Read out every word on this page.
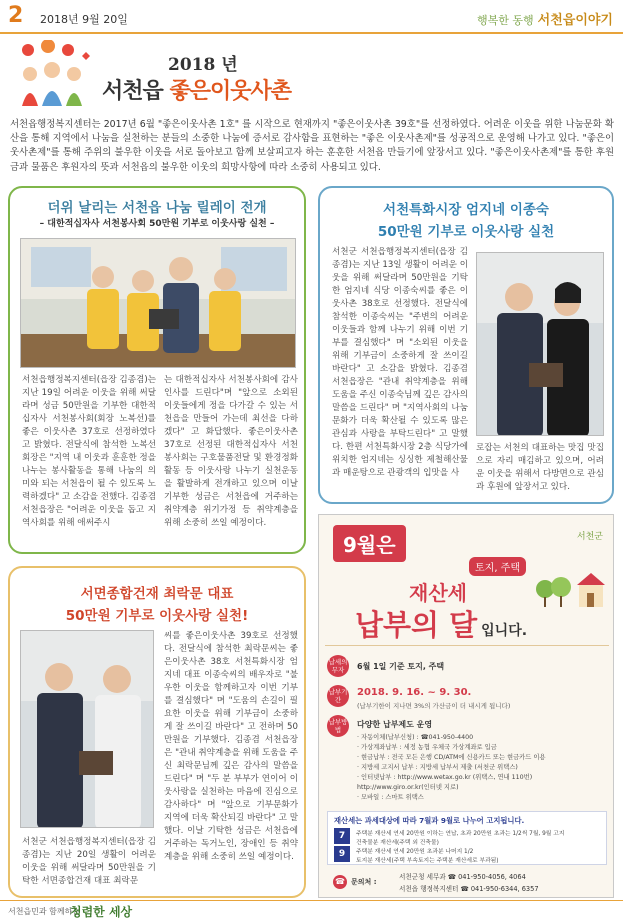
2 2018년 9월 20일	행복한 동행 서천읍이야기
2018 년
서천읍 좋은이웃사촌
서천읍행정복지센터는 2017년 6월 "좋은이웃사촌 1호" 를 시작으로 현재까지 "좋은이웃사촌 39호"를 선정하였다. 어려운 이웃을 위한 나눔문화 확산을 통해 지역에서 나눔을 실천하는 분들의 소중한 나눔에 증서로 감사함을 표현하는 "좋은 이웃사촌제"를 성공적으로 운영해 나가고 있다. "좋은이웃사촌제"를 통해 주위의 불우한 이웃을 서로 돌아보고 함께 보살피고자 하는 훈훈한 서천읍 만들기에 앞장서고 있다. "좋은이웃사촌제"를 통한 후원금과 물품은 후원자의 뜻과 서천읍의 불우한 이웃의 희망사항에 따라 소중히 사용되고 있다.
더위 날리는 서천읍 나눔 릴레이 전개
– 대한적십자사 서천봉사회 50만원 기부로 이웃사랑 실천 –
서천읍행정복지센터(읍장 김종겸)는 지난 19일 어려운 이웃을 위해 써달라며 성금 50만원을 기부한 대한적십자사 서천봉사회(회장 노복선)를 좋은 이웃사촌 37호로 선정하였다고 밝혔다. 전달식에 참석한 노복선 회장은 "지역 내 이웃과 훈훈한 정을 나누는 봉사활동을 통해 나눔의 의미와 되는 서천읍이 될 수 있도록 노력하겠다" 고 소감을 전했다. 김종겸 서천읍장은 "어려운 이웃을 돕고 지역사회를 위해 애써주시
는 대한적십자사 서천봉사회에 감사인사를 드린다"며 "앞으로 소외된 이웃들에게 정을 다가갈 수 있는 서천읍을 만들어 가는데 최선을 다하겠다" 고 화답했다. 좋은이웃사촌 37호로 선정된 대한적십자사 서천봉사회는 구호물품전달 및 환경정화활동 등 이웃사랑 나누기 실천운동을 활발하게 전개하고 있으며 이날 기부한 성금은 서천읍에 거주하는 취약계층 위기가정 등 취약계층을 위해 소중히 쓰일 예정이다.
서천특화시장 엄지네 이종숙
50만원 기부로 이웃사랑 실천
서천군 서천읍행정복지센터(읍장 김종겸)는 지난 13일 생활이 어려운 이웃을 위해 써달라며 50만원을 기탁한 엄지네 식당 이종숙씨를 좋은 이웃사촌 38호로 선정했다. 전달식에 참석한 이종숙씨는 "주변의 어려운 이웃들과 함께 나누기 위해 이번 기부를 결심했다" 며 "소외된 이웃을 위해 기부금이 소중하게 잘 쓰이길 바란다" 고 소감을 밝혔다. 김종겸 서천읍장은 "관내 취약계층을 위해 도움을 주신 이종숙님께 깊은 감사의 말씀을 드린다" 며 "지역사회의 나눔문화가 더욱 확산될 수 있도록 많은 관심과 사랑을 부탁드린다" 고 말했다. 한편 서천특화시장 2층 식당가에 위치한 엄지네는 싱싱한 제철해산물과 매운탕으로 관광객의 입맛을 사
로잡는 서천의 대표하는 맛집 맛집으로 자리 매김하고 있으며, 어려운 이웃을 위해서 다방면으로 관심과 후원에 앞장서고 있다.
서면종합건재 최락문 대표
50만원 기부로 이웃사랑 실천!
서천군 서천읍행정복지센터(읍장 김종겸)는 지난 20일 생활이 어려운 이웃을 위해 써달라며 50만원을 기탁한 서면종합건재 대표 최락문
씨를 좋은이웃사촌 39호로 선정했다. 전달식에 참석한 최락문씨는 좋은이웃사촌 38호 서천특화시장 엄지네 대표 이종숙씨의 배우자로 "불우한 이웃을 함께하고자 이번 기부를 결심했다" 며 "도움의 손길이 필요한 이웃을 위해 기부금이 소중하게 잘 쓰이길 바란다" 고 전하며 50만원을 기부했다. 김종겸 서천읍장은 "관내 취약계층을 위해 도움을 주신 최락문님께 깊은 감사의 말씀을 드린다" 며 "두 분 부부가 연이어 이웃사랑을 실천하는 마음에 진심으로 감사하다" 며 "앞으로 기부문화가 지역에 더욱 확산되길 바란다" 고 말했다. 이날 기탁한 성금은 서천읍에 거주하는 독거노인, 장애인 등 취약계층을 위해 소중히 쓰일 예정이다.
9월은
토지, 주택
서천군
재산세
납부의 달 입니다.
납세의무자	6월 1일 기준 토지, 주택
납부기간
2018. 9. 16. ~ 9. 30.
(납부기한이 지나면 3%의 가산금이 더 내시게 됩니다)
납부방법
다양한 납부제도 운영
· 자동이체(납부신청) : ☎041-950-4400
· 가상계좌납부 : 세정 농협 우체국 가상계좌로 입금
· 현금납부 : 전국 모든 은행 CD/ATM에 신용카드 또는 현금카드 이용
· 지방세 고지서 납부 : 지방세 납부서 제출 (서천군 위택스)
· 인터넷납부 : http://www.wetax.go.kr (위택스, 연내 110번)
http://www.giro.or.kr(인터넷 지로)
· 모바일 : 스마트 위택스
재산세는 과세대상에 따라 7월과 9월로 나누어 고지됩니다.
주택분 재산세 연세 20만원 이하는 연납, 초과 20만원 초과는 1/2씩 7월, 9월 고지
건축물분 재산세(주택 외 건축물)
주택분 재산세 연세 20만원 초과분 나머지 1/2
토지분 재산세(주택 부속토지는 주택분 재산세로 부과됨)
7
9
☎ 문의처 :
서천군청 세무과 ☎ 041-950-4056, 4064
서천읍 행정복지센터 ☎ 041-950-6344, 6357
서천읍민과 함께하는
청렴한 세상
